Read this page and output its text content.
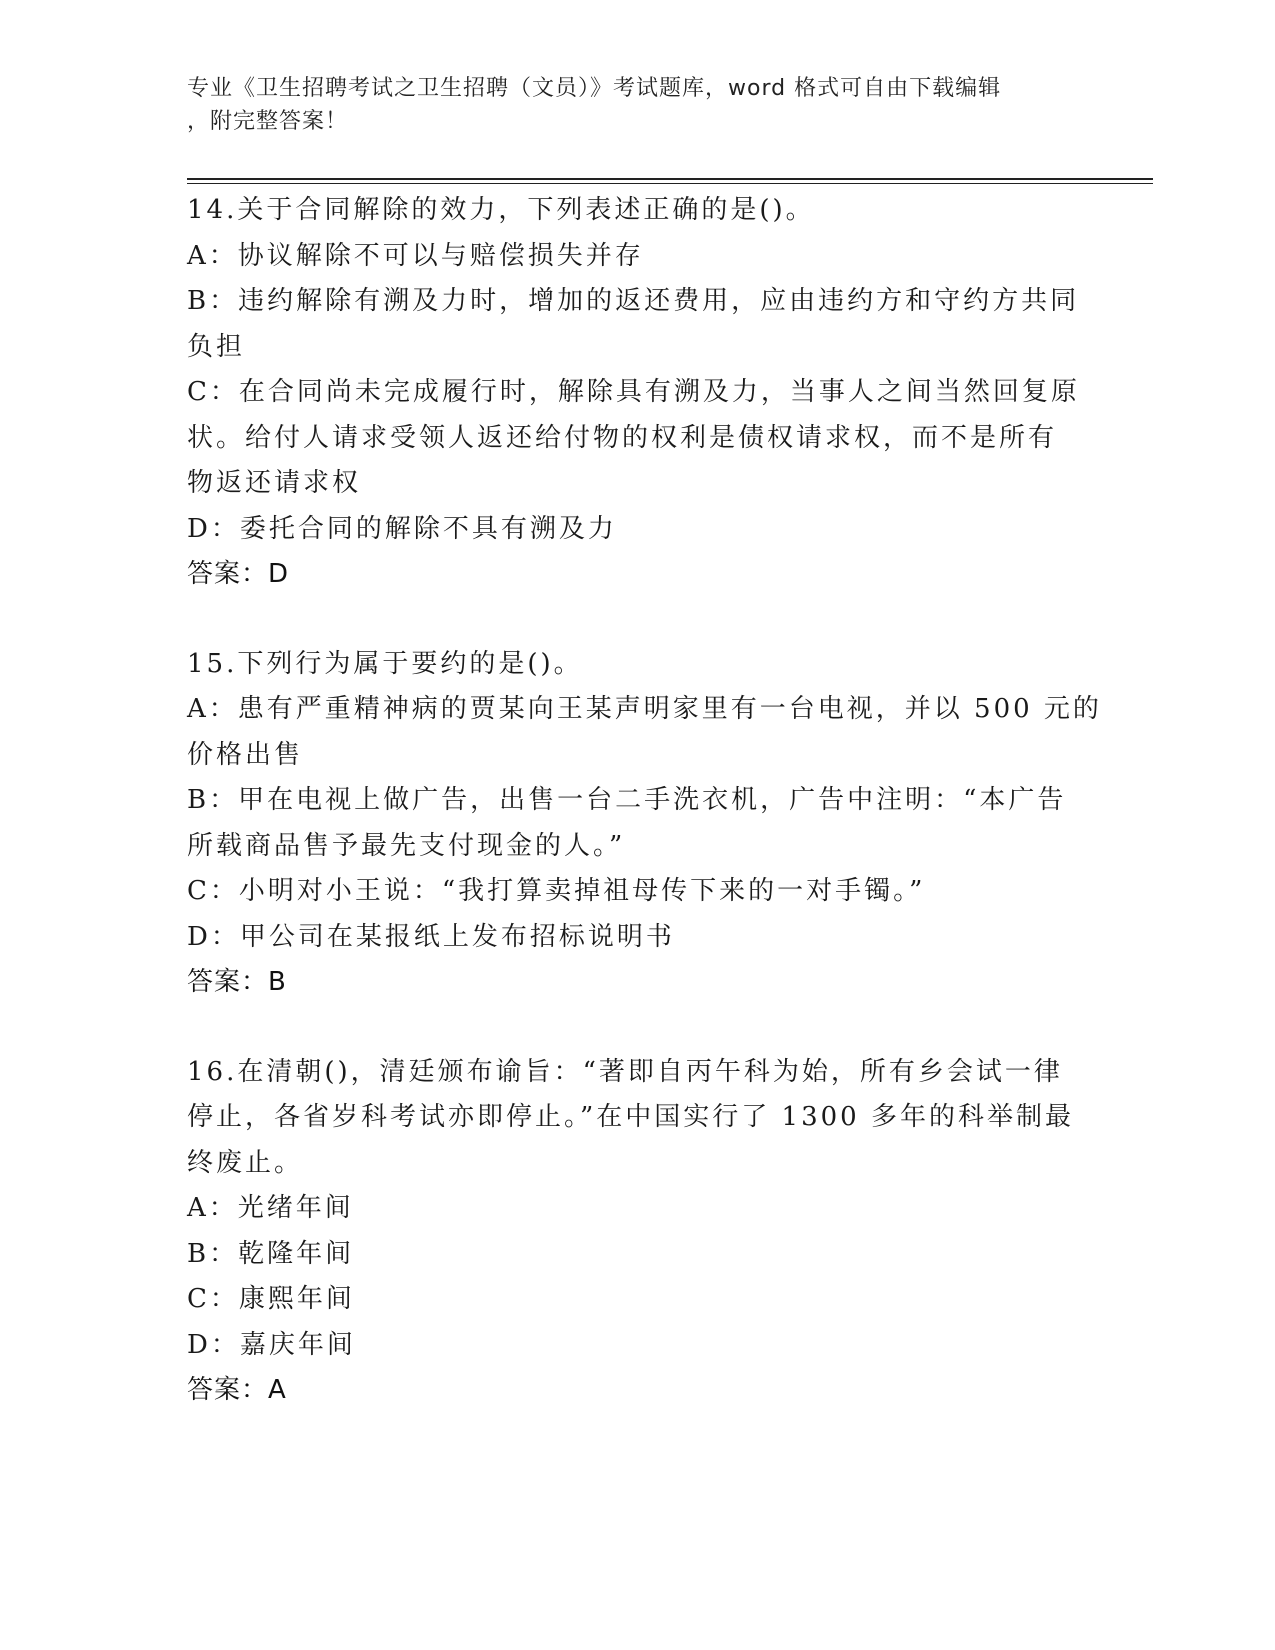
专业《卫生招聘考试之卫生招聘（文员）》考试题库，word 格式可自由下载编辑
，附完整答案！
14.关于合同解除的效力，下列表述正确的是()。
A：协议解除不可以与赔偿损失并存
B：违约解除有溯及力时，增加的返还费用，应由违约方和守约方共同
负担
C：在合同尚未完成履行时，解除具有溯及力，当事人之间当然回复原
状。给付人请求受领人返还给付物的权利是债权请求权，而不是所有
物返还请求权
D：委托合同的解除不具有溯及力
答案：D
15.下列行为属于要约的是()。
A：患有严重精神病的贾某向王某声明家里有一台电视，并以 500 元的
价格出售
B：甲在电视上做广告，出售一台二手洗衣机，广告中注明：“本广告
所载商品售予最先支付现金的人。”
C：小明对小王说：“我打算卖掉祖母传下来的一对手镯。”
D：甲公司在某报纸上发布招标说明书
答案：B
16.在清朝()，清廷颁布谕旨：“著即自丙午科为始，所有乡会试一律
停止，各省岁科考试亦即停止。”在中国实行了 1300 多年的科举制最
终废止。
A：光绪年间
B：乾隆年间
C：康熙年间
D：嘉庆年间
答案：A
